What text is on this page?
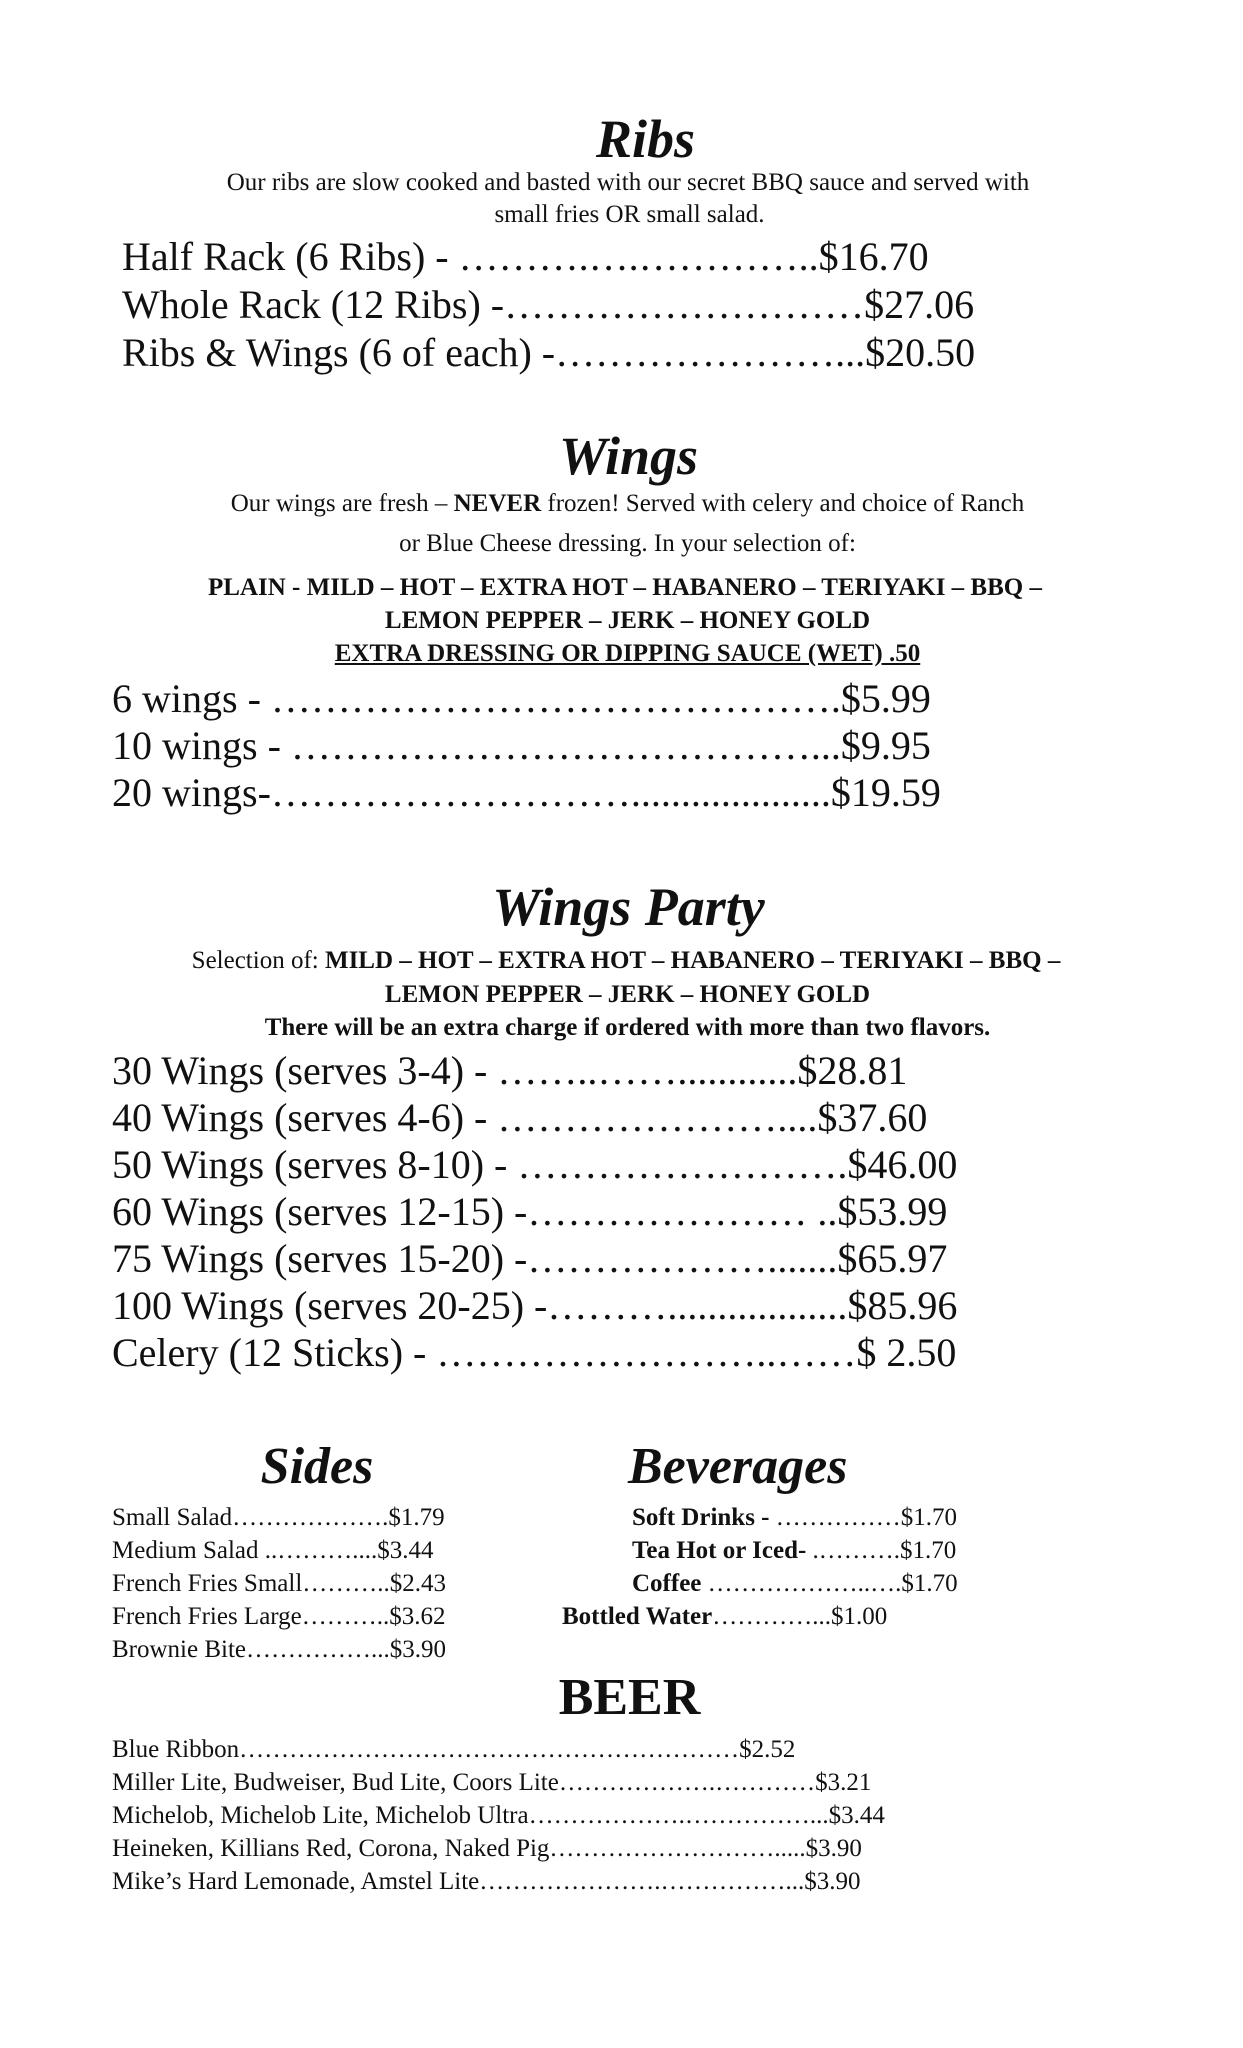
Ribs

Our ribs are slow cooked and basted with our secret BBQ sauce and served with

small fries OR small salad.

Half Rack (6 Ribs) - ……….….…………..$16.70

Whole Rack (12 Ribs) -………………………$27.06

Ribs & Wings (6 of each) -…………………...$20.50

Wings

Our wings are fresh – NEVER frozen! Served with celery and choice of Ranch

or Blue Cheese dressing. In your selection of:

PLAIN - MILD – HOT – EXTRA HOT – HABANERO – TERIYAKI – BBQ –

LEMON PEPPER – JERK – HONEY GOLD

EXTRA DRESSING OR DIPPING SAUCE (WET) .50

6 wings - …………………………………….$5.99

10 wings - …………………………………...$9.95

20 wings-………………………....................$19.59

Wings Party

Selection of: MILD – HOT – EXTRA HOT – HABANERO – TERIYAKI – BBQ –

LEMON PEPPER – JERK – HONEY GOLD

There will be an extra charge if ordered with more than two flavors.

30 Wings (serves 3-4) - ……..……............$28.81

40 Wings (serves 4-6) - …………………....$37.60

50 Wings (serves 8-10) - …………………….$46.00

60 Wings (serves 12-15) -………………… ..$53.99

75 Wings (serves 15-20) -……………….......$65.97

100 Wings (serves 20-25) -………..................$85.96

Celery (12 Sticks) - ……………………..……$ 2.50

Sides

Small Salad……………….$1.79

Medium Salad ..………....$3.44

French Fries Small………..$2.43

French Fries Large………..$3.62

Brownie Bite……………...$3.90

Beverages

Soft Drinks - ……………$1.70

Tea Hot or Iced- .……….$1.70

Coffee ………………..….$1.70

Bottled Water…………...$1.00

BEER

Blue Ribbon……………………………………………………$2.52

Miller Lite, Budweiser, Bud Lite, Coors Lite……………….…………$3.21

Michelob, Michelob Lite, Michelob Ultra……………….……………...$3.44

Heineken, Killians Red, Corona, Naked Pig……………………….....$3.90

Mike’s Hard Lemonade, Amstel Lite………………….……………...$3.90
